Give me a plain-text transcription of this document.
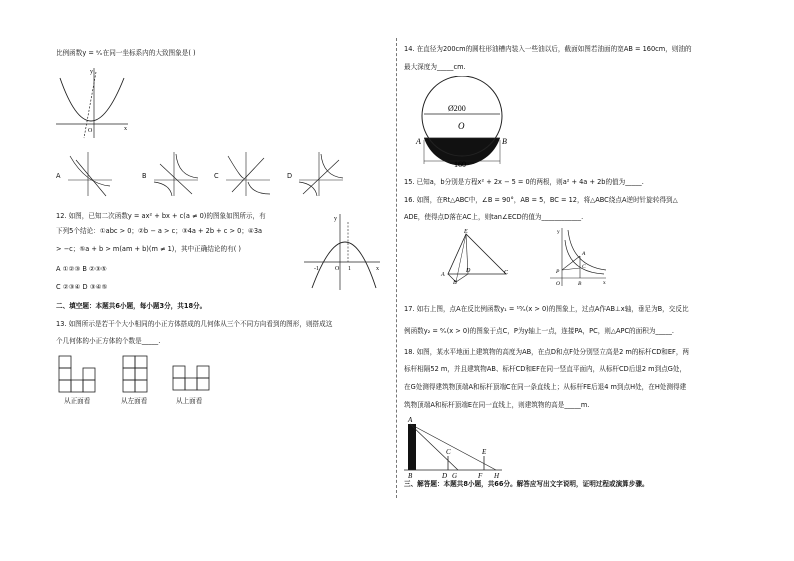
比例函数y = ᵃ⁄ₓ在同一坐标系内的大致图象是( )
y
x
O
A	B	C	D
12. 如图，已知二次函数y = ax² + bx + c(a ≠ 0)的图象如图所示，有
下列5个结论：①abc > 0；②b − a > c；③4a + 2b + c > 0；④3a
> −c；⑤a + b > m(am + b)(m ≠ 1)，其中正确结论的有( )
A ①②③ B ②③⑤
C ②③④ D ③④⑤
y
x
O
-1	1
二、填空题：本题共6小题，每小题3分，共18分。
13. 如图所示是若干个大小相同的小正方体搭成的几何体从三个不同方向看到的图形，则搭成这
个几何体的小正方体的个数是_____.
从正面看	从左面看	从上面看
14. 在直径为200cm的圆柱形油槽内装入一些油以后，截面如图若油面的宽AB = 160cm，则油的
最大深度为_____cm.
Ø200
O
A	B
160
15. 已知a，b分别是方程x² + 2x − 5 = 0的两根，则a² + 4a + 2b的值为_____.
16. 如图，在Rt△ABC中，∠B = 90°，AB = 5，BC = 12，将△ABC绕点A逆时针旋转得到△
ADE，使得点D落在AC上，则tan∠ECD的值为____________.
E
A
D	C
B
y
x
O
A
B
C
P
17. 如右上图，点A在反比例函数y₁ = ¹⁸⁄ₓ(x > 0)的图象上，过点A作AB⊥x轴，垂足为B，交反比
例函数y₂ = ⁶⁄ₓ(x > 0)的图象于点C，P为y轴上一点，连接PA，PC，则△APC的面积为_____.
18. 如图，某水平地面上建筑物的高度为AB，在点D和点F处分别竖立高是2 m的标杆CD和EF，两
标杆相隔52 m，并且建筑物AB、标杆CD和EF在同一竖直平面内，从标杆CD后退2 m到点G处，
在G处测得建筑物顶端A和标杆顶端C在同一条直线上；从标杆FE后退4 m到点H处，在H处测得建
筑物顶端A和标杆顶端E在同一直线上，则建筑物的高是_____m.
A
B
C
D G
E
F H
三、解答题：本题共8小题，共66分。解答应写出文字说明，证明过程或演算步骤。
